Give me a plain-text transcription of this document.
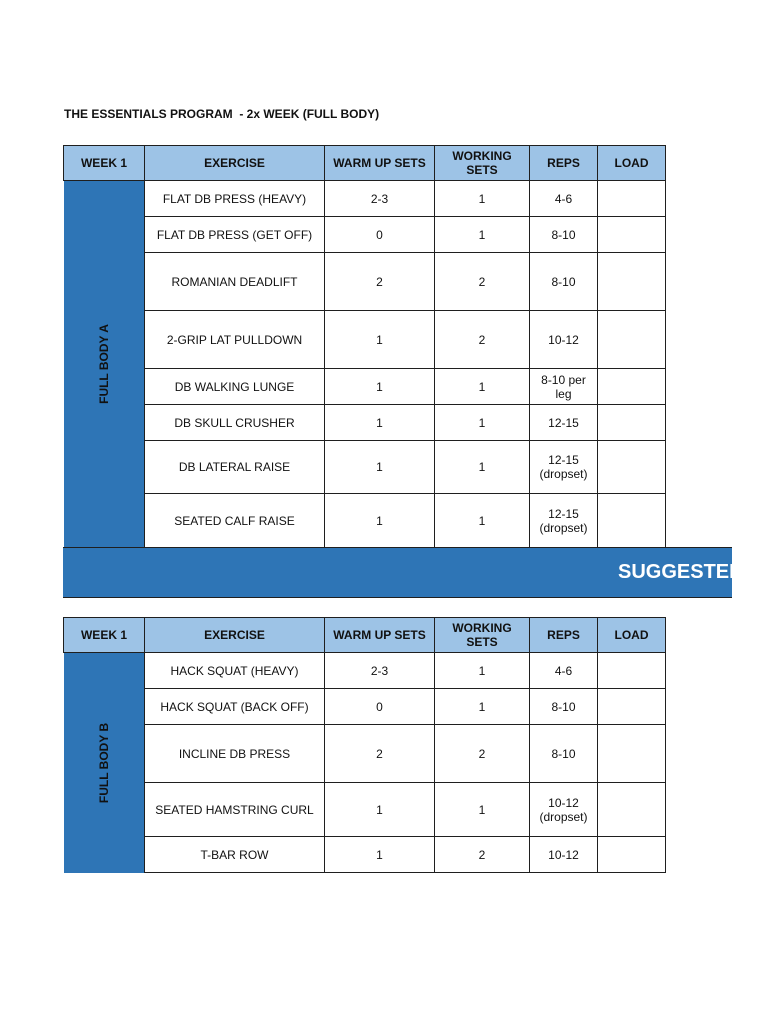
THE ESSENTIALS PROGRAM  - 2x WEEK (FULL BODY)
WEEK 1	EXERCISE	WARM UP SETS	WORKING SETS	REPS	LOAD
FULL BODY A	FLAT DB PRESS (HEAVY)	2-3	1	4-6	
	FLAT DB PRESS (GET OFF)	0	1	8-10	
	ROMANIAN DEADLIFT	2	2	8-10	
	2-GRIP LAT PULLDOWN	1	2	10-12	
	DB WALKING LUNGE	1	1	8-10 per leg	
	DB SKULL CRUSHER	1	1	12-15	
	DB LATERAL RAISE	1	1	12-15 (dropset)	
	SEATED CALF RAISE	1	1	12-15 (dropset)	
SUGGESTED
WEEK 1	EXERCISE	WARM UP SETS	WORKING SETS	REPS	LOAD
FULL BODY B	HACK SQUAT (HEAVY)	2-3	1	4-6	
	HACK SQUAT (BACK OFF)	0	1	8-10	
	INCLINE DB PRESS	2	2	8-10	
	SEATED HAMSTRING CURL	1	1	10-12 (dropset)	
	T-BAR ROW	1	2	10-12	
